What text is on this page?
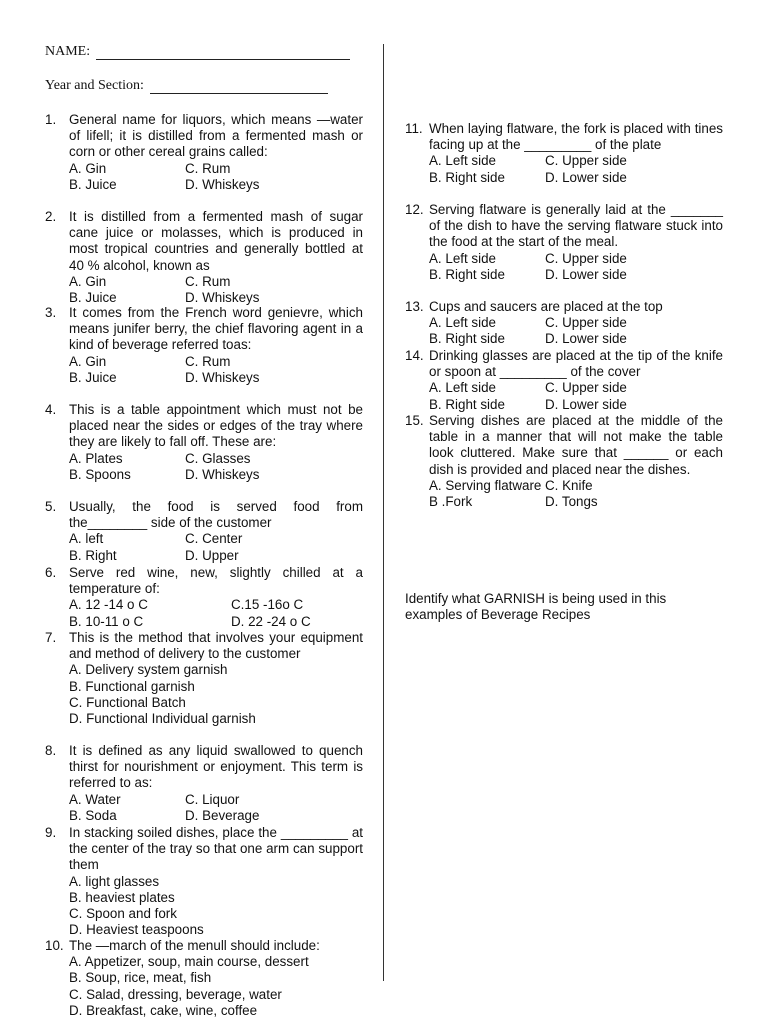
NAME:
Year and Section:
1. General name for liquors, which means —water of lifell; it is distilled from a fermented mash or corn or other cereal grains called:
A. Gin	C. Rum
B. Juice	D. Whiskeys
2. It is distilled from a fermented mash of sugar cane juice or molasses, which is produced in most tropical countries and generally bottled at 40 % alcohol, known as
A. Gin	C. Rum
B. Juice	D. Whiskeys
3. It comes from the French word genievre, which means junifer berry, the chief flavoring agent in a kind of beverage referred toas:
A. Gin	C. Rum
B. Juice	D. Whiskeys
4. This is a table appointment which must not be placed near the sides or edges of the tray where they are likely to fall off. These are:
A. Plates	C. Glasses
B. Spoons	D. Whiskeys
5. Usually, the food is served food from the________ side of the customer
A. left	C. Center
B. Right	D. Upper
6. Serve red wine, new, slightly chilled at a temperature of:
A. 12 -14 o C	C.15 -16o C
B. 10-11 o C	D. 22 -24 o C
7. This is the method that involves your equipment and method of delivery to the customer
A. Delivery system garnish
B. Functional garnish
C. Functional Batch
D. Functional Individual garnish
8. It is defined as any liquid swallowed to quench thirst for nourishment or enjoyment. This term is referred to as:
A. Water	C. Liquor
B. Soda	D. Beverage
9. In stacking soiled dishes, place the _________ at the center of the tray so that one arm can support them
A. light glasses
B. heaviest plates
C. Spoon and fork
D. Heaviest teaspoons
10. The —march of the menull should include:
A. Appetizer, soup, main course, dessert
B. Soup, rice, meat, fish
C. Salad, dressing, beverage, water
D. Breakfast, cake, wine, coffee
Identify what GARNISH is being used in this examples of Beverage Recipes
11. When laying flatware, the fork is placed with tines facing up at the _________ of the plate
A. Left side	C. Upper side
B. Right side	D. Lower side
12. Serving flatware is generally laid at the _______ of the dish to have the serving flatware stuck into the food at the start of the meal.
A. Left side	C. Upper side
B. Right side	D. Lower side
13. Cups and saucers are placed at the top
A. Left side	C. Upper side
B. Right side	D. Lower side
14. Drinking glasses are placed at the tip of the knife or spoon at _________ of the cover
A. Left side	C. Upper side
B. Right side	D. Lower side
15. Serving dishes are placed at the middle of the table in a manner that will not make the table look cluttered. Make sure that ______ or each dish is provided and placed near the dishes.
A. Serving flatware C. Knife
B .Fork	D. Tongs
